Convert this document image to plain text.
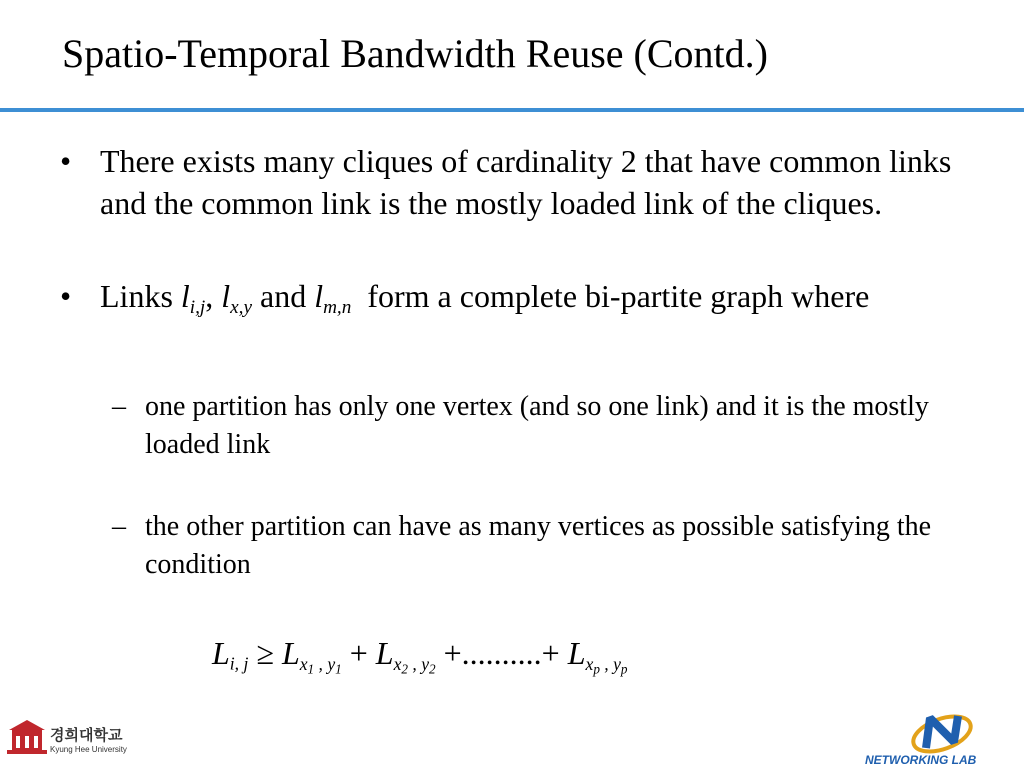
Spatio-Temporal Bandwidth Reuse (Contd.)
• There exists many cliques of cardinality 2 that have common links and the common link is the mostly loaded link of the cliques.
• Links $l_{i,j}$, $l_{x,y}$ and $l_{m,n}$  form a complete bi-partite graph where
– one partition has only one vertex (and so one link) and it is the mostly loaded link
– the other partition can have as many vertices as possible satisfying the condition
$L_{i, j} \ge L_{x_1 , y_1} + L_{x_2 , y_2}$ +..........+ $L_{x_p , y_p}$
경희대학교
Kyung Hee University
NETWORKING LAB
